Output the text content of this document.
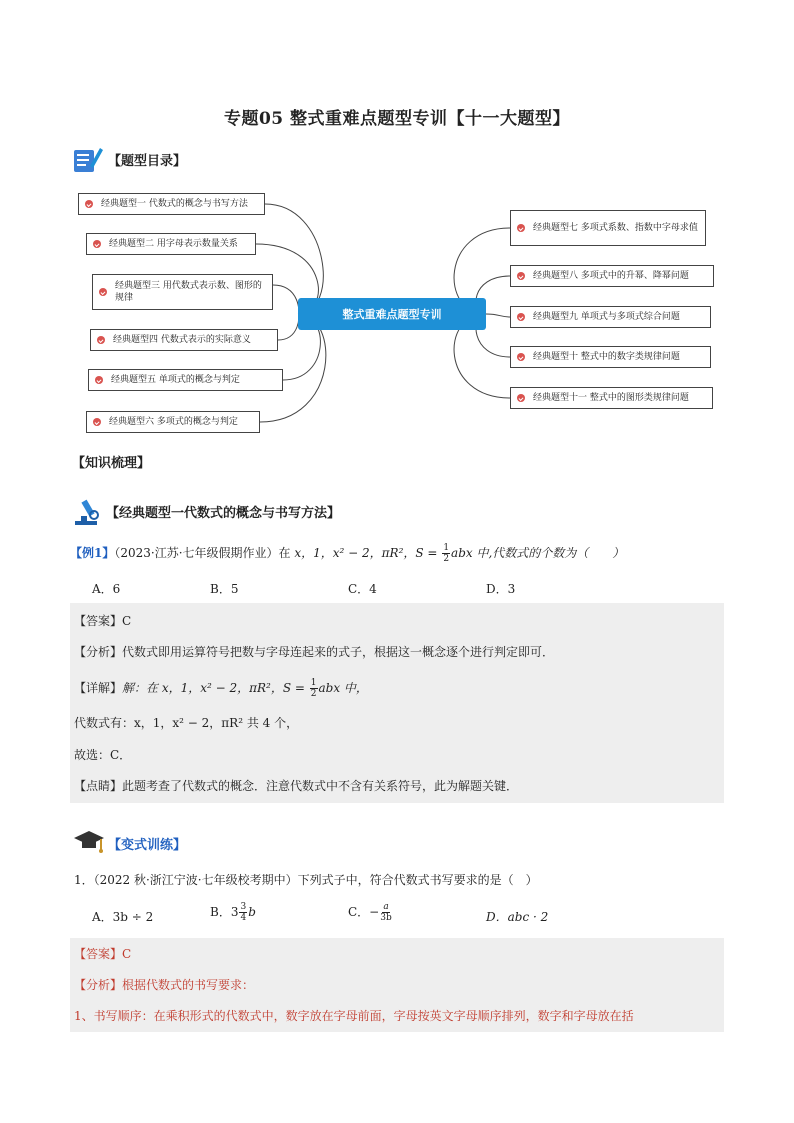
专题05 整式重难点题型专训【十一大题型】
【题型目录】
整式重难点题型专训
经典题型一 代数式的概念与书写方法
经典题型二 用字母表示数量关系
经典题型三 用代数式表示数、图形的规律
经典题型四 代数式表示的实际意义
经典题型五 单项式的概念与判定
经典题型六 多项式的概念与判定
经典题型七 多项式系数、指数中字母求值
经典题型八 多项式中的升幂、降幂问题
经典题型九 单项式与多项式综合问题
经典题型十 整式中的数字类规律问题
经典题型十一 整式中的图形类规律问题
【知识梳理】
【经典题型一代数式的概念与书写方法】
【例1】（2023·江苏·七年级假期作业）在 x，1，x² − 2，πR²，$S = \frac{1}{2}$ abx 中,代数式的个数为（　　）
A．6	B．5	C．4	D．3
【答案】C
【分析】代数式即用运算符号把数与字母连起来的式子，根据这一概念逐个进行判定即可．
【详解】解：在 x，1，x² − 2，πR²，$S = \frac{1}{2}$ abx 中，
代数式有：x，1，x² − 2，πR² 共 4 个，
故选：C．
【点睛】此题考查了代数式的概念．注意代数式中不含有关系符号，此为解题关键．
【变式训练】
1．（2022 秋·浙江宁波·七年级校考期中）下列式子中，符合代数式书写要求的是（　）
A．3b ÷ 2	B．$3 \frac{3}{4}$ b	C．− $\frac{a}{3b}$	D．abc · 2
【答案】C
【分析】根据代数式的书写要求：
1、书写顺序：在乘积形式的代数式中，数字放在字母前面，字母按英文字母顺序排列，数字和字母放在括
